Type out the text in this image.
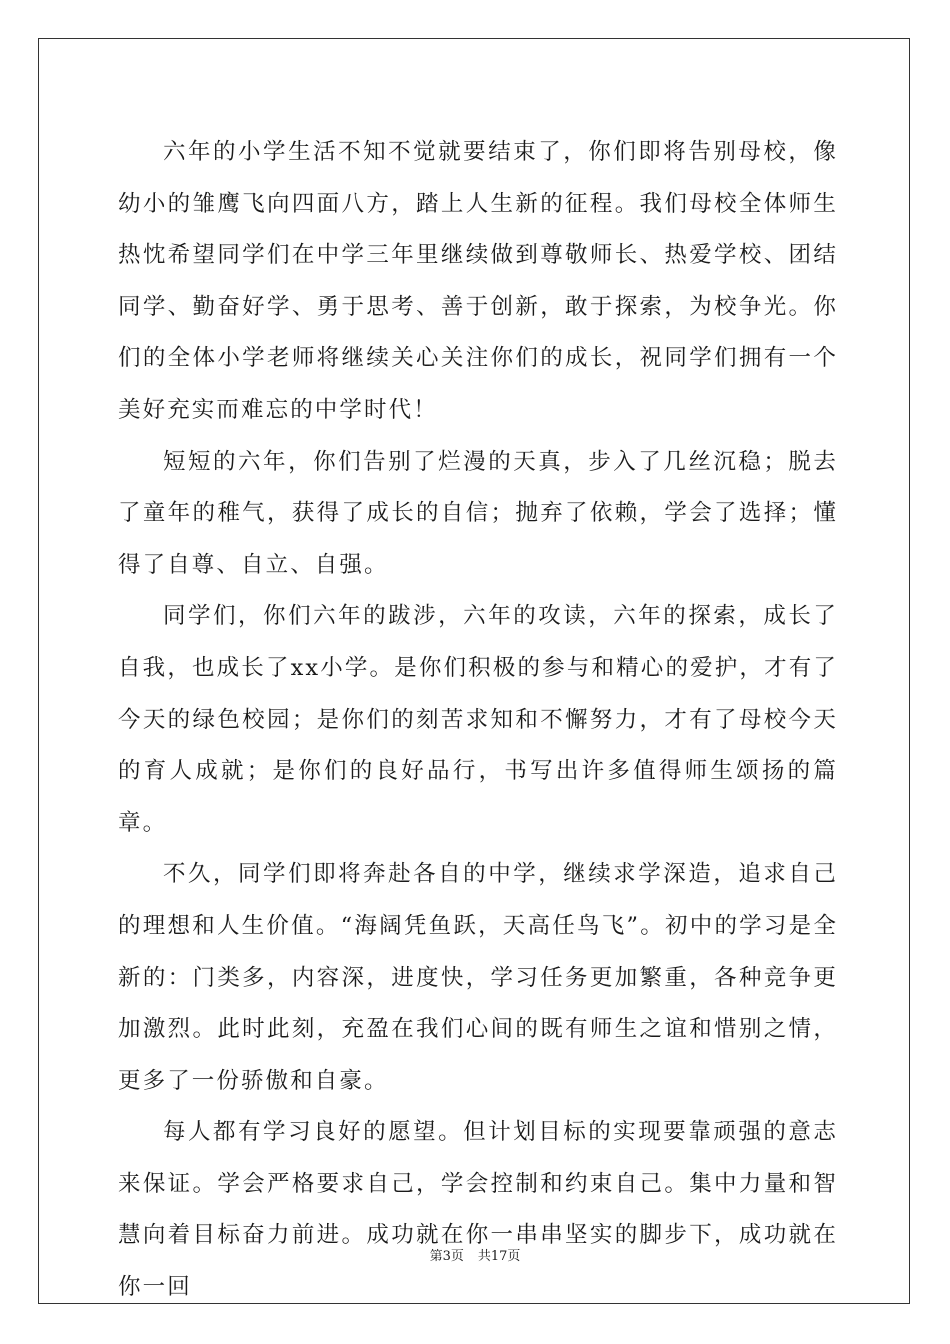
六年的小学生活不知不觉就要结束了，你们即将告别母校，像幼小的雏鹰飞向四面八方，踏上人生新的征程。我们母校全体师生热忱希望同学们在中学三年里继续做到尊敬师长、热爱学校、团结同学、勤奋好学、勇于思考、善于创新，敢于探索，为校争光。你们的全体小学老师将继续关心关注你们的成长，祝同学们拥有一个美好充实而难忘的中学时代！

短短的六年，你们告别了烂漫的天真，步入了几丝沉稳；脱去了童年的稚气，获得了成长的自信；抛弃了依赖，学会了选择；懂得了自尊、自立、自强。

同学们，你们六年的跋涉，六年的攻读，六年的探索，成长了自我，也成长了xx小学。是你们积极的参与和精心的爱护，才有了今天的绿色校园；是你们的刻苦求知和不懈努力，才有了母校今天的育人成就；是你们的良好品行，书写出许多值得师生颂扬的篇章。

不久，同学们即将奔赴各自的中学，继续求学深造，追求自己的理想和人生价值。“海阔凭鱼跃，天高任鸟飞”。初中的学习是全新的：门类多，内容深，进度快，学习任务更加繁重，各种竞争更加激烈。此时此刻，充盈在我们心间的既有师生之谊和惜别之情，更多了一份骄傲和自豪。

每人都有学习良好的愿望。但计划目标的实现要靠顽强的意志来保证。学会严格要求自己，学会控制和约束自己。集中力量和智慧向着目标奋力前进。成功就在你一串串坚实的脚步下，成功就在你一回

第3页 共17页
